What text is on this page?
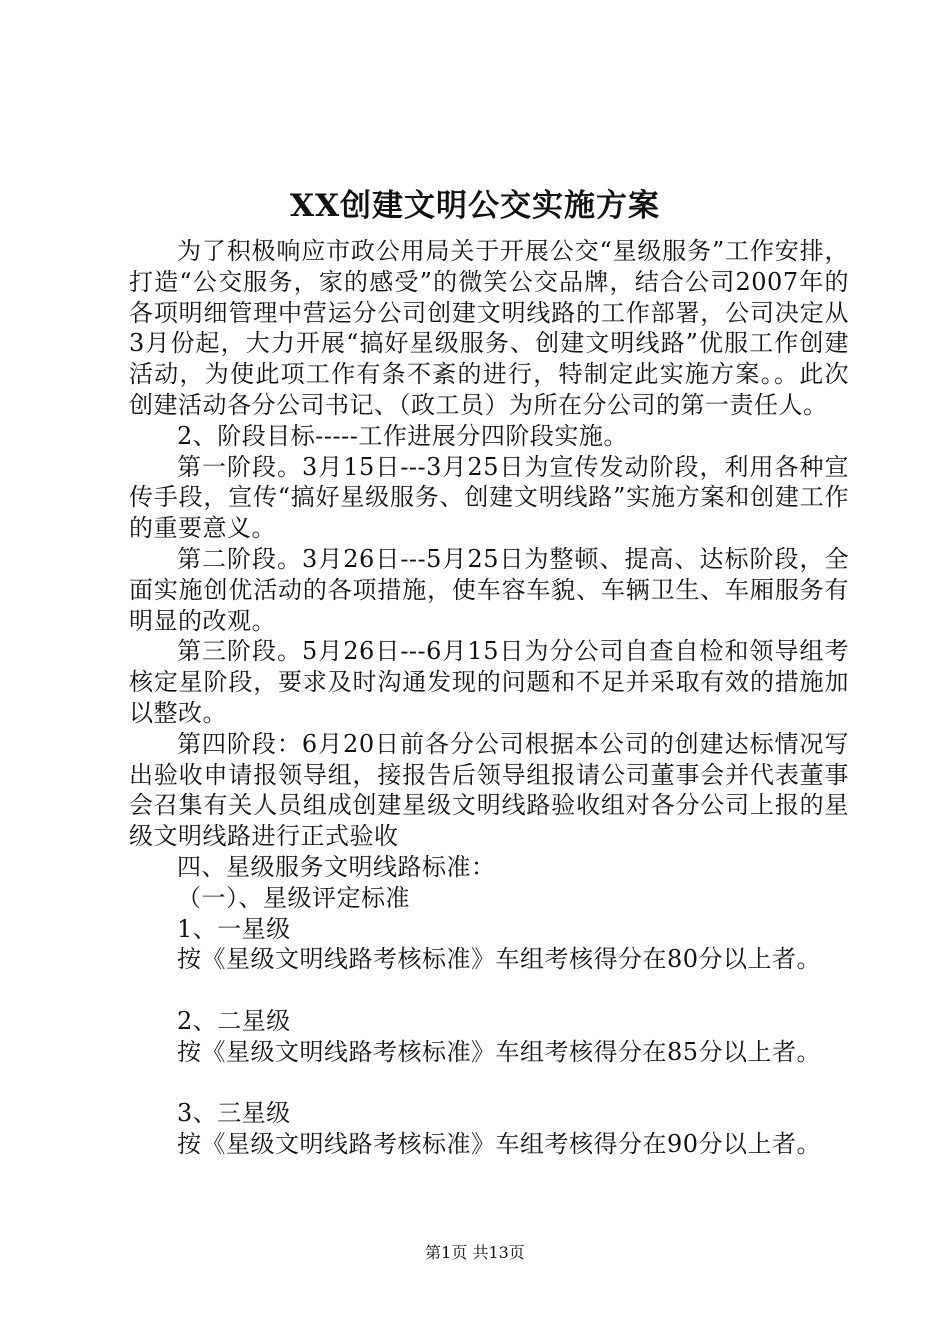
XX创建文明公交实施方案

为了积极响应市政公用局关于开展公交“星级服务”工作安排，打造“公交服务，家的感受”的微笑公交品牌，结合公司2007年的各项明细管理中营运分公司创建文明线路的工作部署，公司决定从3月份起，大力开展“搞好星级服务、创建文明线路”优服工作创建活动，为使此项工作有条不紊的进行，特制定此实施方案。。此次创建活动各分公司书记、（政工员）为所在分公司的第一责任人。

2、阶段目标-----工作进展分四阶段实施。

第一阶段。3月15日---3月25日为宣传发动阶段，利用各种宣传手段，宣传“搞好星级服务、创建文明线路”实施方案和创建工作的重要意义。

第二阶段。3月26日---5月25日为整顿、提高、达标阶段，全面实施创优活动的各项措施，使车容车貌、车辆卫生、车厢服务有明显的改观。

第三阶段。5月26日---6月15日为分公司自查自检和领导组考核定星阶段，要求及时沟通发现的问题和不足并采取有效的措施加以整改。

第四阶段：6月20日前各分公司根据本公司的创建达标情况写出验收申请报领导组，接报告后领导组报请公司董事会并代表董事会召集有关人员组成创建星级文明线路验收组对各分公司上报的星级文明线路进行正式验收

四、星级服务文明线路标准：

（一）、星级评定标准

1、一星级

按《星级文明线路考核标准》车组考核得分在80分以上者。

2、二星级

按《星级文明线路考核标准》车组考核得分在85分以上者。

3、三星级

按《星级文明线路考核标准》车组考核得分在90分以上者。

第1页 共13页
